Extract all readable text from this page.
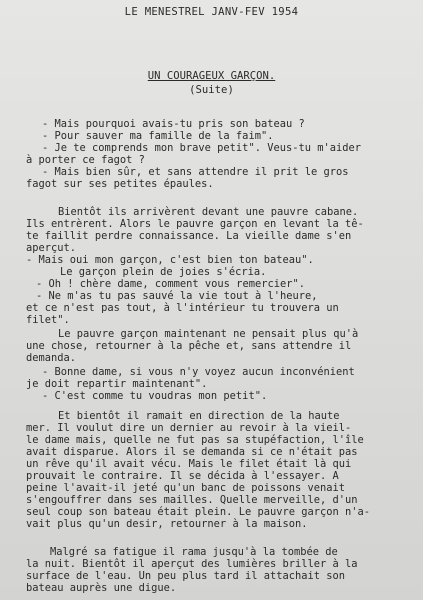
LE MENESTREL JANV-FEV 1954
UN COURAGEUX GARÇON.
(Suite)
- Mais pourquoi avais-tu pris son bateau ?
- Pour sauver ma famille de la faim".
- Je te comprends mon brave petit". Veus-tu m'aider
à porter ce fagot ?
- Mais bien sûr, et sans attendre il prit le gros
fagot sur ses petites épaules.
Bientôt ils arrivèrent devant une pauvre cabane.
Ils entrèrent. Alors le pauvre garçon en levant la tê-
te faillit perdre connaissance. La vieille dame s'en
aperçut.
- Mais oui mon garçon, c'est bien ton bateau".
Le garçon plein de joies s'écria.
- Oh ! chère dame, comment vous remercier".
- Ne m'as tu pas sauvé la vie tout à l'heure,
et ce n'est pas tout, à l'intérieur tu trouvera un
filet".
Le pauvre garçon maintenant ne pensait plus qu'à
une chose, retourner à la pêche et, sans attendre il
demanda.
- Bonne dame, si vous n'y voyez aucun inconvénient
je doit repartir maintenant".
- C'est comme tu voudras mon petit".
Et bientôt il ramait en direction de la haute
mer. Il voulut dire un dernier au revoir à la vieil-
le dame mais, quelle ne fut pas sa stupéfaction, l'île
avait disparue. Alors il se demanda si ce n'était pas
un rêve qu'il avait vécu. Mais le filet était là qui
prouvait le contraire. Il se décida à l'essayer. A
peine l'avait-il jeté qu'un banc de poissons venait
s'engouffrer dans ses mailles. Quelle merveille, d'un
seul coup son bateau était plein. Le pauvre garçon n'a-
vait plus qu'un desir, retourner à la maison.
Malgré sa fatigue il rama jusqu'à la tombée de
la nuit. Bientôt il aperçut des lumières briller à la
surface de l'eau. Un peu plus tard il attachait son
bateau auprès une digue.
